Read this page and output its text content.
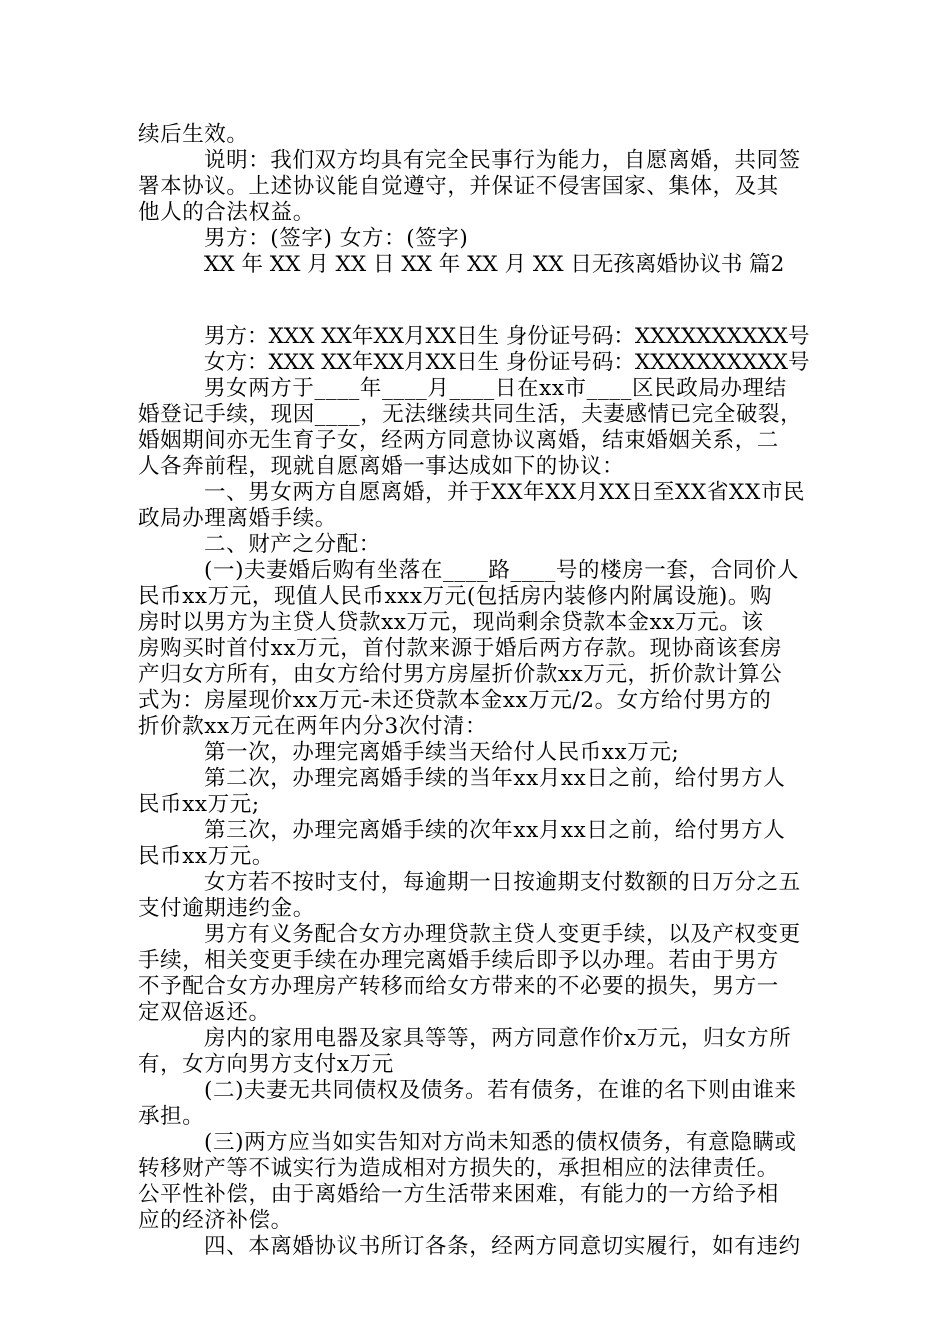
续后生效。
说明：我们双方均具有完全民事行为能力，自愿离婚，共同签
署本协议。上述协议能自觉遵守，并保证不侵害国家、集体，及其
他人的合法权益。
男方：(签字) 女方：(签字)
XX 年 XX 月 XX 日 XX 年 XX 月 XX 日无孩离婚协议书 篇2
男方：XXX XX年XX月XX日生 身份证号码：XXXXXXXXXX号
女方：XXX XX年XX月XX日生 身份证号码：XXXXXXXXXX号
男女两方于____年____月____日在xx市____区民政局办理结
婚登记手续，现因____，无法继续共同生活，夫妻感情已完全破裂，
婚姻期间亦无生育子女，经两方同意协议离婚，结束婚姻关系，二
人各奔前程，现就自愿离婚一事达成如下的协议：
一、男女两方自愿离婚，并于XX年XX月XX日至XX省XX市民
政局办理离婚手续。
二、财产之分配：
(一)夫妻婚后购有坐落在____路____号的楼房一套，合同价人
民币xx万元，现值人民币xxx万元(包括房内装修内附属设施)。购
房时以男方为主贷人贷款xx万元，现尚剩余贷款本金xx万元。该
房购买时首付xx万元，首付款来源于婚后两方存款。现协商该套房
产归女方所有，由女方给付男方房屋折价款xx万元，折价款计算公
式为：房屋现价xx万元-未还贷款本金xx万元/2。女方给付男方的
折价款xx万元在两年内分3次付清：
第一次，办理完离婚手续当天给付人民币xx万元;
第二次，办理完离婚手续的当年xx月xx日之前，给付男方人
民币xx万元;
第三次，办理完离婚手续的次年xx月xx日之前，给付男方人
民币xx万元。
女方若不按时支付，每逾期一日按逾期支付数额的日万分之五
支付逾期违约金。
男方有义务配合女方办理贷款主贷人变更手续，以及产权变更
手续，相关变更手续在办理完离婚手续后即予以办理。若由于男方
不予配合女方办理房产转移而给女方带来的不必要的损失，男方一
定双倍返还。
房内的家用电器及家具等等，两方同意作价x万元，归女方所
有，女方向男方支付x万元
(二)夫妻无共同债权及债务。若有债务，在谁的名下则由谁来
承担。
(三)两方应当如实告知对方尚未知悉的债权债务，有意隐瞒或
转移财产等不诚实行为造成相对方损失的，承担相应的法律责任。
公平性补偿，由于离婚给一方生活带来困难，有能力的一方给予相
应的经济补偿。
四、本离婚协议书所订各条，经两方同意切实履行，如有违约
